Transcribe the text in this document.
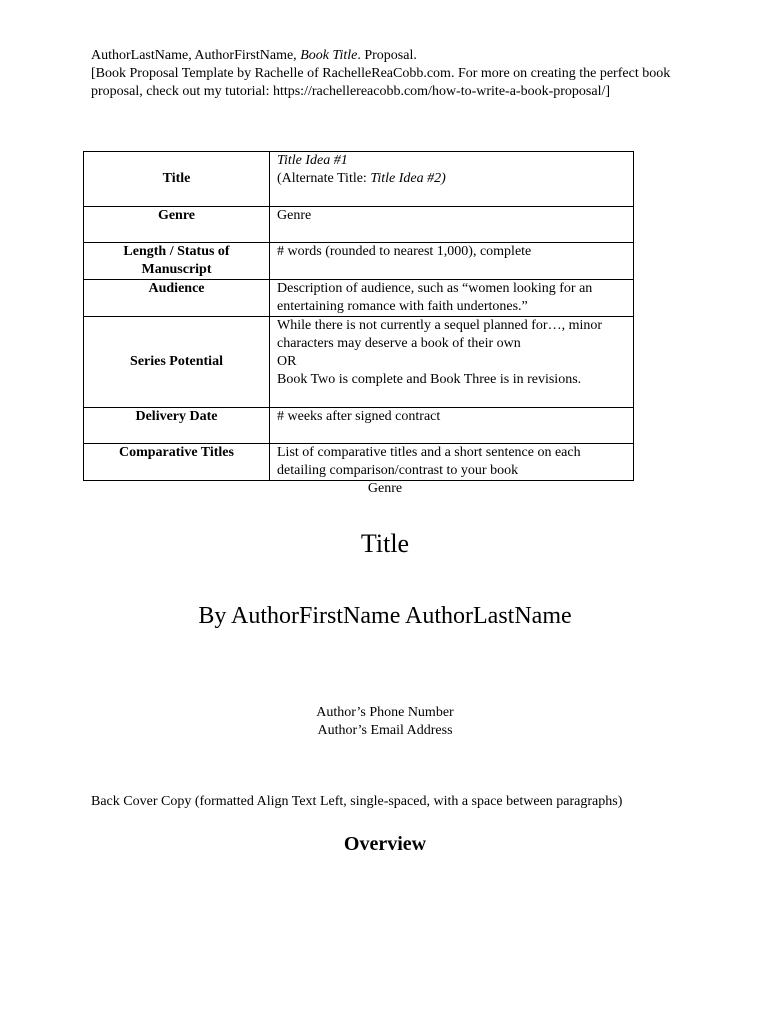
AuthorLastName, AuthorFirstName, Book Title. Proposal.

[Book Proposal Template by Rachelle of RachelleReaCobb.com. For more on creating the perfect book proposal, check out my tutorial: https://rachellereacobb.com/how-to-write-a-book-proposal/]

Title	Title Idea #1
(Alternate Title: Title Idea #2)

Genre	Genre
Length / Status of Manuscript	# words (rounded to nearest 1,000), complete
Audience	Description of audience, such as “women looking for an entertaining romance with faith undertones.”
Series Potential	While there is not currently a sequel planned for…, minor characters may deserve a book of their own
OR
Book Two is complete and Book Three is in revisions.

Delivery Date	# weeks after signed contract
Comparative Titles	List of comparative titles and a short sentence on each detailing comparison/contrast to your book
Genre
Title
By AuthorFirstName AuthorLastName
Author’s Phone Number
Author’s Email Address
Back Cover Copy (formatted Align Text Left, single-spaced, with a space between paragraphs)
Overview
